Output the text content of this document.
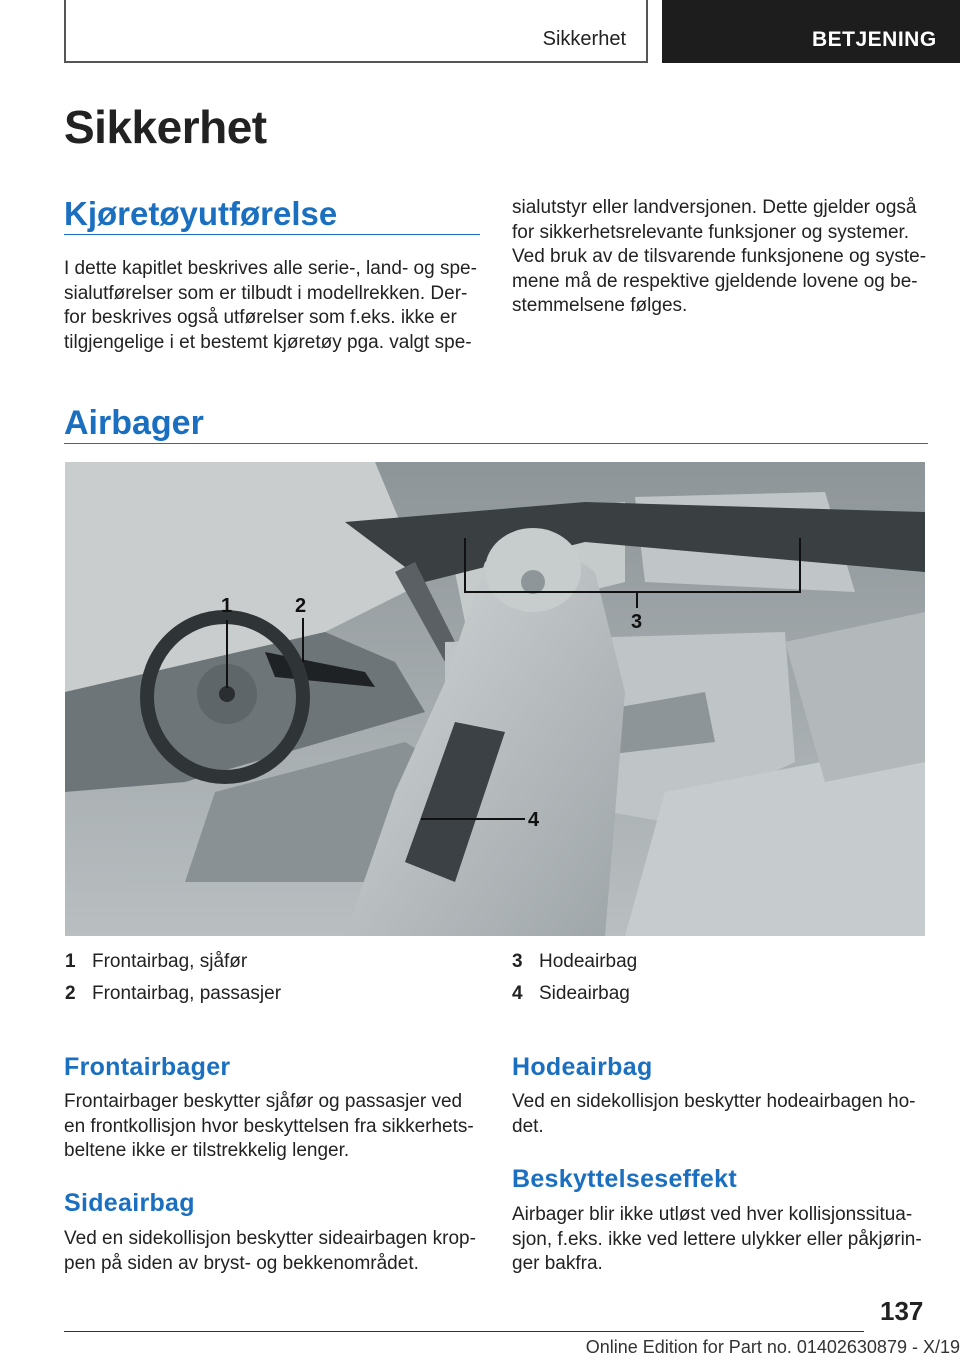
Sikkerhet	BETJENING
Sikkerhet
Kjøretøyutførelse

I dette kapitlet beskrives alle serie-, land- og spe-

sialutførelser som er tilbudt i modellrekken. Der-

for beskrives også utførelser som f.eks. ikke er

tilgjengelige i et bestemt kjøretøy pga. valgt spe-

sialutstyr eller landversjonen. Dette gjelder også

for sikkerhetsrelevante funksjoner og systemer.

Ved bruk av de tilsvarende funksjonene og syste-

mene må de respektive gjeldende lovene og be-

stemmelsene følges.

Airbager
1	2
3
4
1 Frontairbag, sjåfør
2 Frontairbag, passasjer
3 Hodeairbag
4 Sideairbag
Frontairbager

Frontairbager beskytter sjåfør og passasjer ved

en frontkollisjon hvor beskyttelsen fra sikkerhets-

beltene ikke er tilstrekkelig lenger.

Sideairbag

Ved en sidekollisjon beskytter sideairbagen krop-

pen på siden av bryst- og bekkenområdet.

Hodeairbag

Ved en sidekollisjon beskytter hodeairbagen ho-

det.

Beskyttelseseffekt

Airbager blir ikke utløst ved hver kollisjonssitua-

sjon, f.eks. ikke ved lettere ulykker eller påkjørin-

ger bakfra.

137
Online Edition for Part no. 01402630879 - X/19
